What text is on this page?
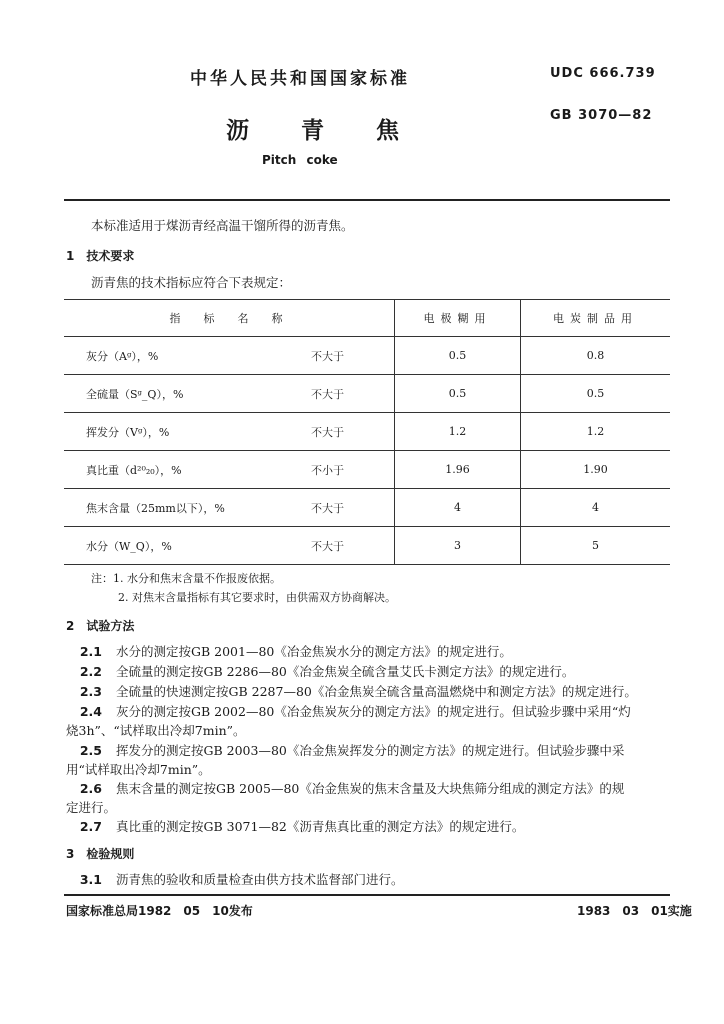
中华人民共和国国家标准	UDC 666.739
沥 青 焦
GB 3070—82
Pitch coke
本标准适用于煤沥青经高温干馏所得的沥青焦。
1　技术要求
沥青焦的技术指标应符合下表规定：
指　标　名　称	电极糊用	电炭制品用

灰分（Aᵍ），% 不大于	0.5	0.8

全硫量（Sᵍ_Q），% 不大于	0.5	0.5

挥发分（Vᵍ），% 不大于	1.2	1.2

真比重（d²⁰₂₀），% 不小于	1.96	1.90

焦末含量（25mm以下），% 不大于	4	4

水分（W_Q），% 不大于	3	5
注：1. 水分和焦末含量不作报废依据。
2. 对焦末含量指标有其它要求时，由供需双方协商解决。
2　试验方法
2.1 水分的测定按GB 2001—80《冶金焦炭水分的测定方法》的规定进行。
2.2 全硫量的测定按GB 2286—80《冶金焦炭全硫含量艾氏卡测定方法》的规定进行。
2.3 全硫量的快速测定按GB 2287—80《冶金焦炭全硫含量高温燃烧中和测定方法》的规定进行。
2.4 灰分的测定按GB 2002—80《冶金焦炭灰分的测定方法》的规定进行。但试验步骤中采用“灼
烧3h”、“试样取出冷却7min”。
2.5 挥发分的测定按GB 2003—80《冶金焦炭挥发分的测定方法》的规定进行。但试验步骤中采
用“试样取出冷却7min”。
2.6 焦末含量的测定按GB 2005—80《冶金焦炭的焦末含量及大块焦筛分组成的测定方法》的规
定进行。
2.7 真比重的测定按GB 3071—82《沥青焦真比重的测定方法》的规定进行。
3　检验规则
3.1 沥青焦的验收和质量检查由供方技术监督部门进行。
国家标准总局1982　05　10发布	1983　03　01实施
